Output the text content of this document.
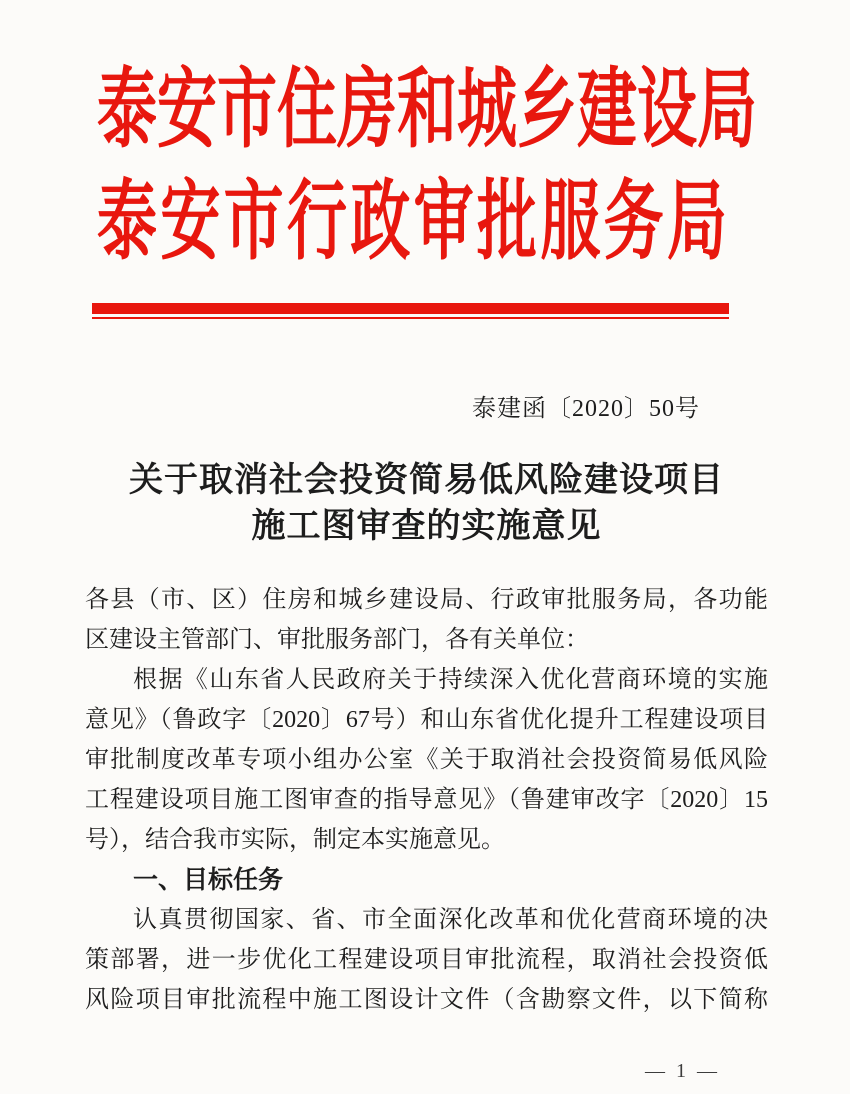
泰安市住房和城乡建设局
泰安市行政审批服务局
泰建函〔2020〕50号
关于取消社会投资简易低风险建设项目
施工图审查的实施意见
各县（市、区）住房和城乡建设局、行政审批服务局，各功能
区建设主管部门、审批服务部门，各有关单位：
根据《山东省人民政府关于持续深入优化营商环境的实施
意见》（鲁政字〔2020〕67号）和山东省优化提升工程建设项目
审批制度改革专项小组办公室《关于取消社会投资简易低风险
工程建设项目施工图审查的指导意见》（鲁建审改字〔2020〕15
号），结合我市实际，制定本实施意见。
一、目标任务
认真贯彻国家、省、市全面深化改革和优化营商环境的决
策部署，进一步优化工程建设项目审批流程，取消社会投资低
风险项目审批流程中施工图设计文件（含勘察文件，以下简称
— 1 —
